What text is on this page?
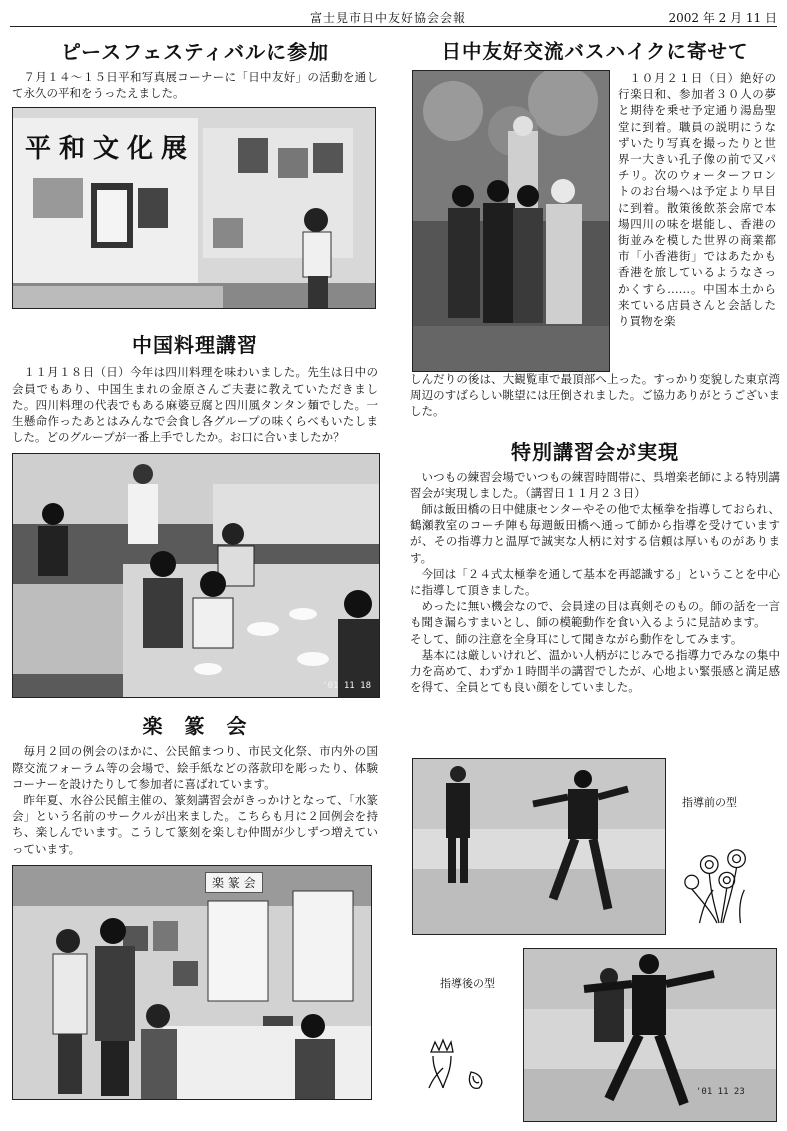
富士見市日中友好協会会報	2002 年 2 月 11 日
ピースフェスティバルに参加

７月１４～１５日平和写真展コーナーに「日中友好」の活動を通して永久の平和をうったえました。

平和文化展
中国料理講習

１１月１８日（日）今年は四川料理を味わいました。先生は日中の会員でもあり、中国生まれの金原さんご夫妻に教えていただきました。四川料理の代表でもある麻婆豆腐と四川風タンタン麺でした。一生懸命作ったあとはみんなで会食し各グループの味くらべもいたしました。どのグループが一番上手でしたか。お口に合いましたか？

'01 11 18
楽　篆　会

毎月２回の例会のほかに、公民館まつり、市民文化祭、市内外の国際交流フォーラム等の会場で、絵手紙などの落款印を彫ったり、体験コーナーを設けたりして参加者に喜ばれています。

昨年夏、水谷公民館主催の、篆刻講習会がきっかけとなって、「水篆会」という名前のサークルが出来ました。こちらも月に２回例会を持ち、楽しんでいます。こうして篆刻を楽しむ仲間が少しずつ増えていっています。

楽 篆 会
日中友好交流バスハイクに寄せて

１０月２１日（日）絶好の行楽日和、参加者３０人の夢と期待を乗せ予定通り湯島聖堂に到着。職員の説明にうなずいたり写真を撮ったりと世界一大きい孔子像の前で又パチリ。次のウォーターフロントのお台場へは予定より早目に到着。散策後飲茶会席で本場四川の味を堪能し、香港の街並みを模した世界の商業都市「小香港街」ではあたかも香港を旅しているようなさっかくすら……。中国本土から来ている店員さんと会話したり買物を楽

しんだりの後は、大観覧車で最頂部へ上った。すっかり変貌した東京湾周辺のすばらしい眺望には圧倒されました。ご協力ありがとうございました。

特別講習会が実現

いつもの練習会場でいつもの練習時間帯に、呉増楽老師による特別講習会が実現しました。（講習日１１月２３日）

師は飯田橋の日中健康センターやその他で太極拳を指導しておられ、鶴瀬教室のコーチ陣も毎週飯田橋へ通って師から指導を受けていますが、その指導力と温厚で誠実な人柄に対する信頼は厚いものがあります。

今回は「２４式太極拳を通して基本を再認識する」ということを中心に指導して頂きました。

めったに無い機会なので、会員達の目は真剣そのもの。師の話を一言も聞き漏らすまいとし、師の模範動作を食い入るように見詰めます。

そして、師の注意を全身耳にして聞きながら動作をしてみます。

基本には厳しいけれど、温かい人柄がにじみでる指導力でみなの集中力を高めて、わずか１時間半の講習でしたが、心地よい緊張感と満足感を得て、全員とても良い顔をしていました。

指導前の型
指導後の型
'01 11 23
